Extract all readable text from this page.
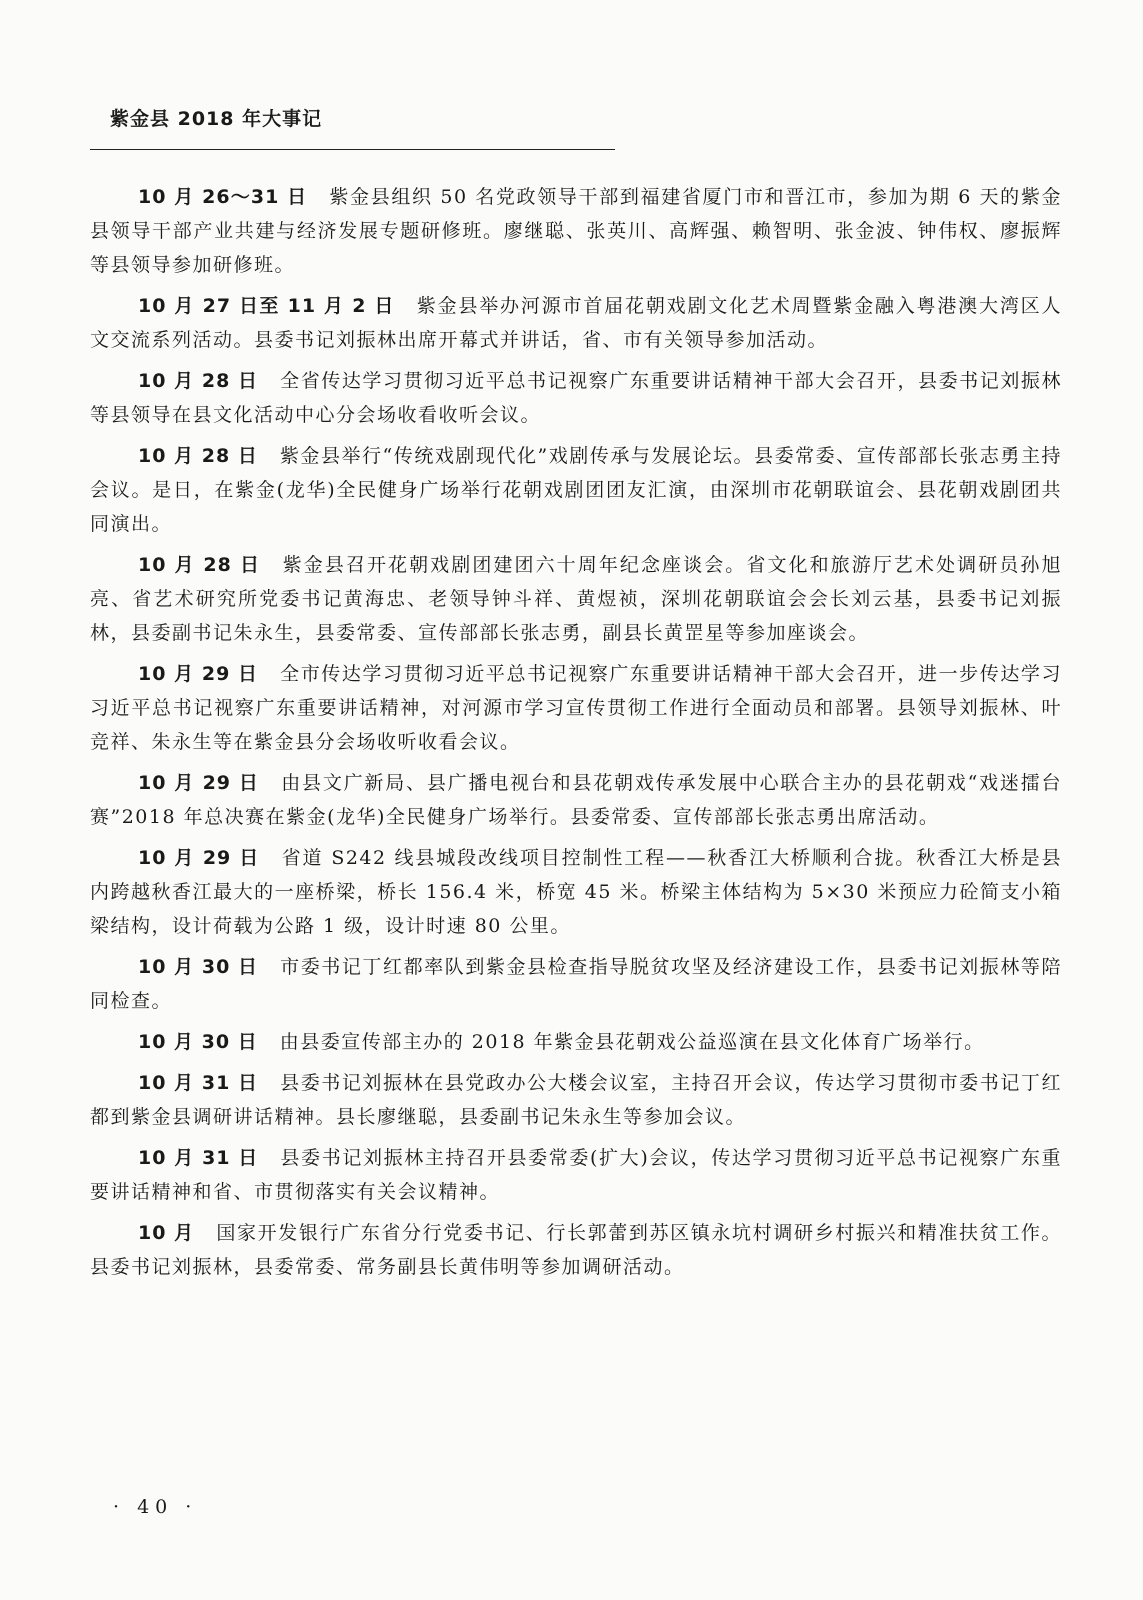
紫金县 2018 年大事记

10 月 26～31 日 紫金县组织 50 名党政领导干部到福建省厦门市和晋江市，参加为期 6 天的紫金县领导干部产业共建与经济发展专题研修班。廖继聪、张英川、高辉强、赖智明、张金波、钟伟权、廖振辉等县领导参加研修班。

10 月 27 日至 11 月 2 日 紫金县举办河源市首届花朝戏剧文化艺术周暨紫金融入粤港澳大湾区人文交流系列活动。县委书记刘振林出席开幕式并讲话，省、市有关领导参加活动。

10 月 28 日 全省传达学习贯彻习近平总书记视察广东重要讲话精神干部大会召开，县委书记刘振林等县领导在县文化活动中心分会场收看收听会议。

10 月 28 日 紫金县举行“传统戏剧现代化”戏剧传承与发展论坛。县委常委、宣传部部长张志勇主持会议。是日，在紫金(龙华)全民健身广场举行花朝戏剧团团友汇演，由深圳市花朝联谊会、县花朝戏剧团共同演出。

10 月 28 日 紫金县召开花朝戏剧团建团六十周年纪念座谈会。省文化和旅游厅艺术处调研员孙旭亮、省艺术研究所党委书记黄海忠、老领导钟斗祥、黄煜祯，深圳花朝联谊会会长刘云基，县委书记刘振林，县委副书记朱永生，县委常委、宣传部部长张志勇，副县长黄罡星等参加座谈会。

10 月 29 日 全市传达学习贯彻习近平总书记视察广东重要讲话精神干部大会召开，进一步传达学习习近平总书记视察广东重要讲话精神，对河源市学习宣传贯彻工作进行全面动员和部署。县领导刘振林、叶竞祥、朱永生等在紫金县分会场收听收看会议。

10 月 29 日 由县文广新局、县广播电视台和县花朝戏传承发展中心联合主办的县花朝戏“戏迷擂台赛”2018 年总决赛在紫金(龙华)全民健身广场举行。县委常委、宣传部部长张志勇出席活动。

10 月 29 日 省道 S242 线县城段改线项目控制性工程——秋香江大桥顺利合拢。秋香江大桥是县内跨越秋香江最大的一座桥梁，桥长 156.4 米，桥宽 45 米。桥梁主体结构为 5×30 米预应力砼简支小箱梁结构，设计荷载为公路 1 级，设计时速 80 公里。

10 月 30 日 市委书记丁红都率队到紫金县检查指导脱贫攻坚及经济建设工作，县委书记刘振林等陪同检查。

10 月 30 日 由县委宣传部主办的 2018 年紫金县花朝戏公益巡演在县文化体育广场举行。

10 月 31 日 县委书记刘振林在县党政办公大楼会议室，主持召开会议，传达学习贯彻市委书记丁红都到紫金县调研讲话精神。县长廖继聪，县委副书记朱永生等参加会议。

10 月 31 日 县委书记刘振林主持召开县委常委(扩大)会议，传达学习贯彻习近平总书记视察广东重要讲话精神和省、市贯彻落实有关会议精神。

10 月 国家开发银行广东省分行党委书记、行长郭蕾到苏区镇永坑村调研乡村振兴和精准扶贫工作。县委书记刘振林，县委常委、常务副县长黄伟明等参加调研活动。

· 40 ·
